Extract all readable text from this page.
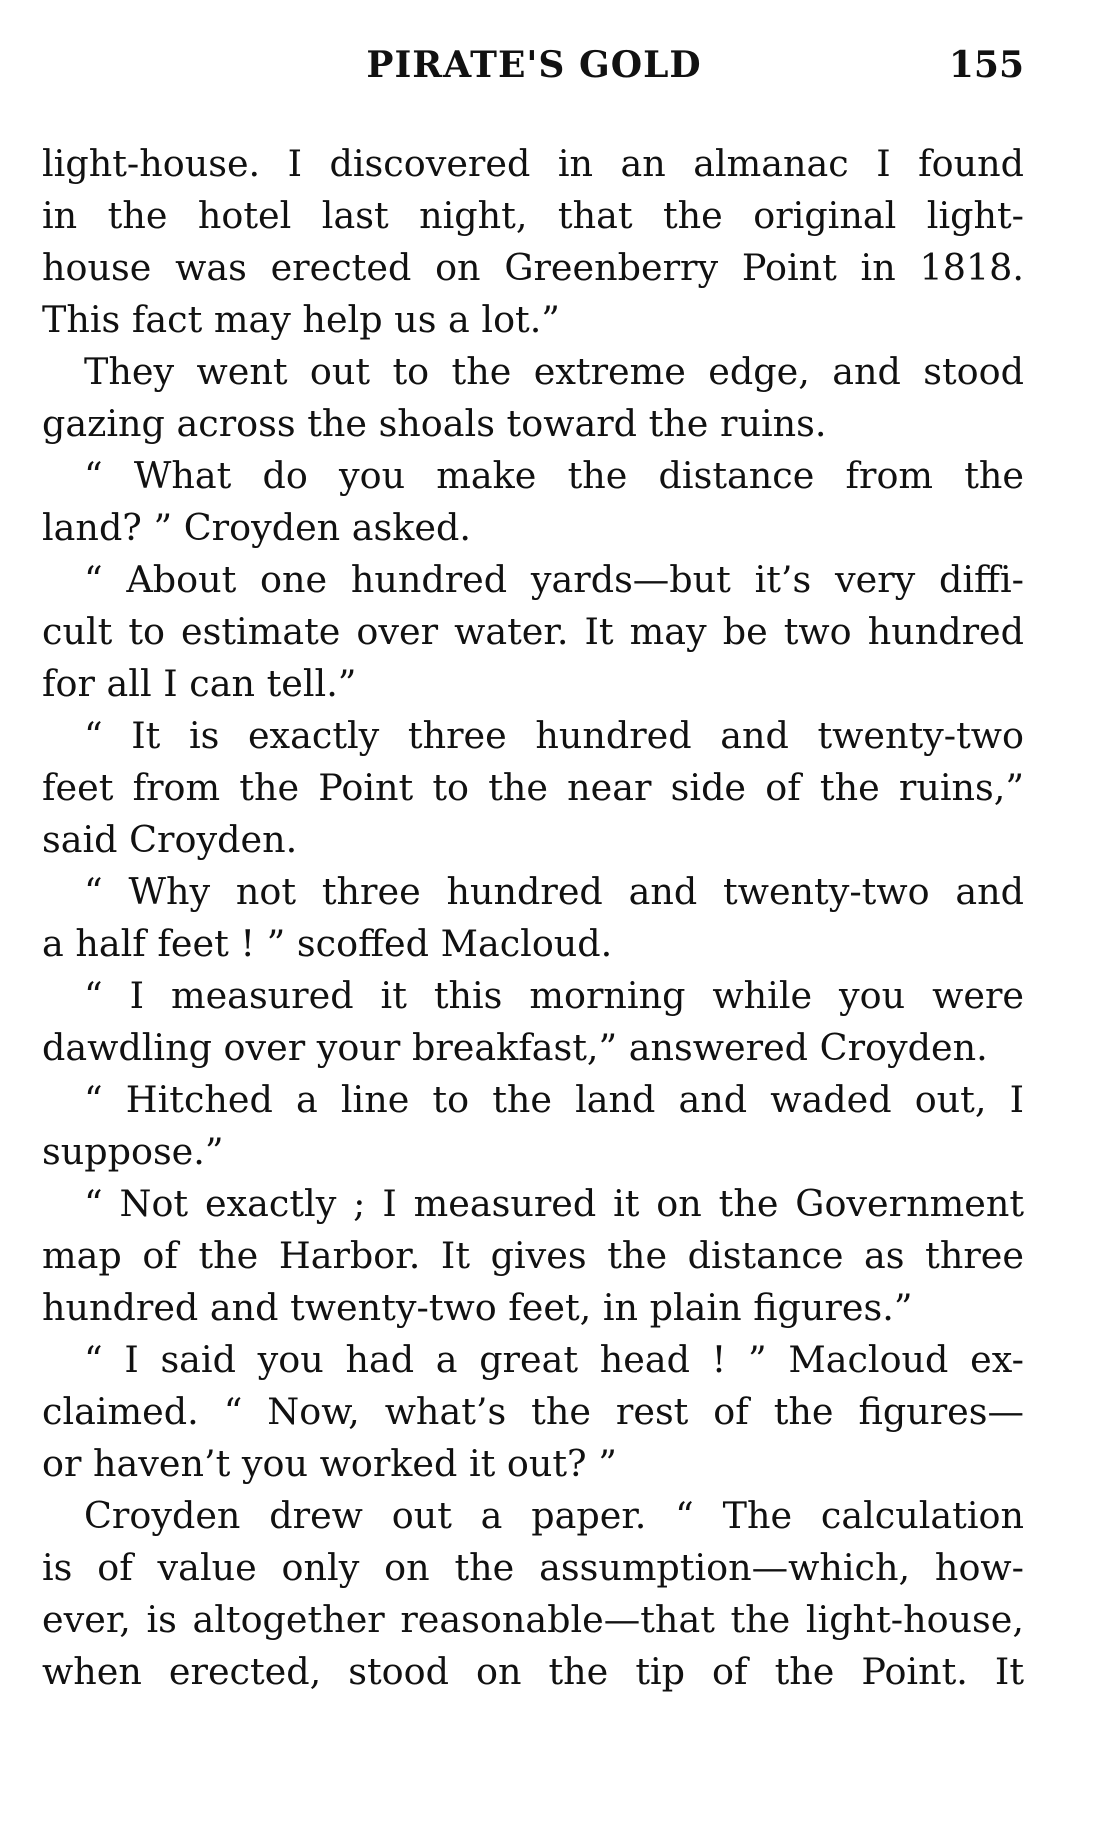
PIRATE'S GOLD	155
light-house. I discovered in an almanac I found
in the hotel last night, that the original light-
house was erected on Greenberry Point in 1818.
This fact may help us a lot.”
They went out to the extreme edge, and stood
gazing across the shoals toward the ruins.
“ What do you make the distance from the
land? ” Croyden asked.
“ About one hundred yards—but it’s very diffi-
cult to estimate over water. It may be two hundred
for all I can tell.”
“ It is exactly three hundred and twenty-two
feet from the Point to the near side of the ruins,”
said Croyden.
“ Why not three hundred and twenty-two and
a half feet ! ” scoffed Macloud.
“ I measured it this morning while you were
dawdling over your breakfast,” answered Croyden.
“ Hitched a line to the land and waded out, I
suppose.”
“ Not exactly ; I measured it on the Government
map of the Harbor. It gives the distance as three
hundred and twenty-two feet, in plain figures.”
“ I said you had a great head ! ” Macloud ex-
claimed. “ Now, what’s the rest of the figures—
or haven’t you worked it out? ”
Croyden drew out a paper. “ The calculation
is of value only on the assumption—which, how-
ever, is altogether reasonable—that the light-house,
when erected, stood on the tip of the Point. It
